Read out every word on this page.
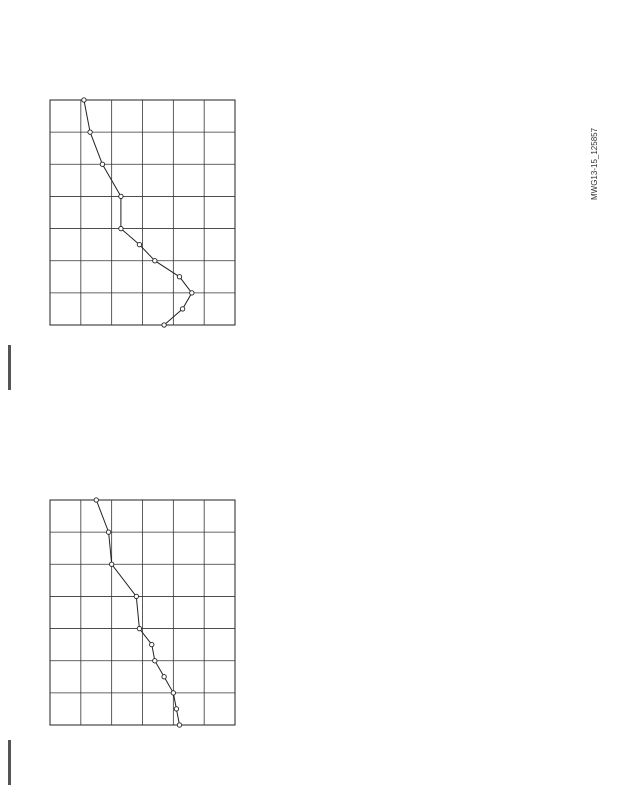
MWG13-15_125857
